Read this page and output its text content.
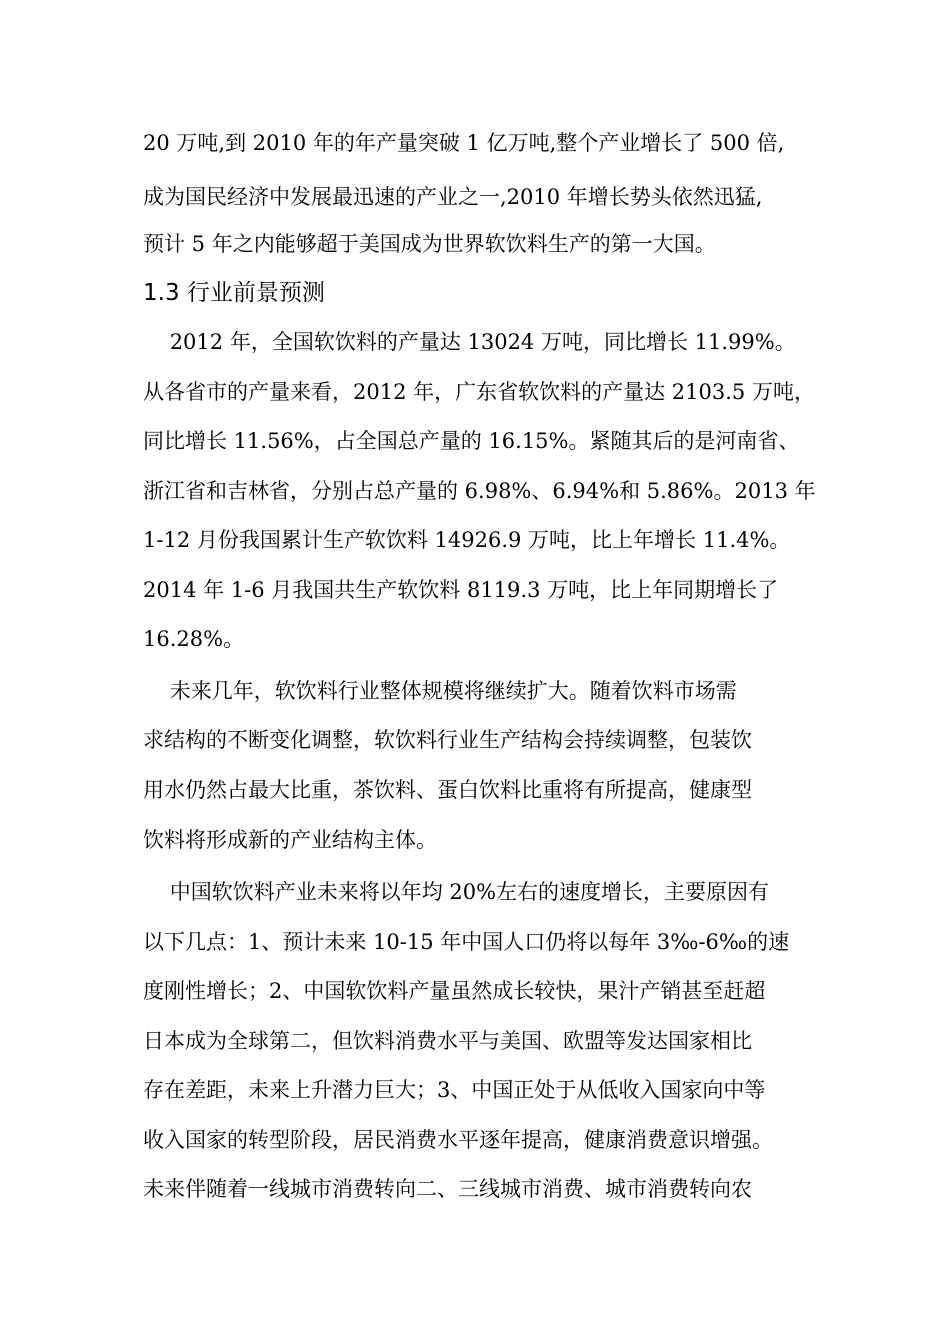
20 万吨,到 2010 年的年产量突破 1 亿万吨,整个产业增长了 500 倍,
成为国民经济中发展最迅速的产业之一,2010 年增长势头依然迅猛,
预计 5 年之内能够超于美国成为世界软饮料生产的第一大国。
1.3 行业前景预测
2012 年，全国软饮料的产量达 13024 万吨，同比增长 11.99%。
从各省市的产量来看，2012 年，广东省软饮料的产量达 2103.5 万吨，
同比增长 11.56%，占全国总产量的 16.15%。紧随其后的是河南省、
浙江省和吉林省，分别占总产量的 6.98%、6.94%和 5.86%。2013 年
1-12 月份我国累计生产软饮料 14926.9 万吨，比上年增长 11.4%。
2014 年 1-6 月我国共生产软饮料 8119.3 万吨，比上年同期增长了
16.28%。
未来几年，软饮料行业整体规模将继续扩大。随着饮料市场需
求结构的不断变化调整，软饮料行业生产结构会持续调整，包装饮
用水仍然占最大比重，茶饮料、蛋白饮料比重将有所提高，健康型
饮料将形成新的产业结构主体。
中国软饮料产业未来将以年均 20%左右的速度增长，主要原因有
以下几点：1、预计未来 10-15 年中国人口仍将以每年 3‰-6‰的速
度刚性增长；2、中国软饮料产量虽然成长较快，果汁产销甚至赶超
日本成为全球第二，但饮料消费水平与美国、欧盟等发达国家相比
存在差距，未来上升潜力巨大；3、中国正处于从低收入国家向中等
收入国家的转型阶段，居民消费水平逐年提高，健康消费意识增强。
未来伴随着一线城市消费转向二、三线城市消费、城市消费转向农
